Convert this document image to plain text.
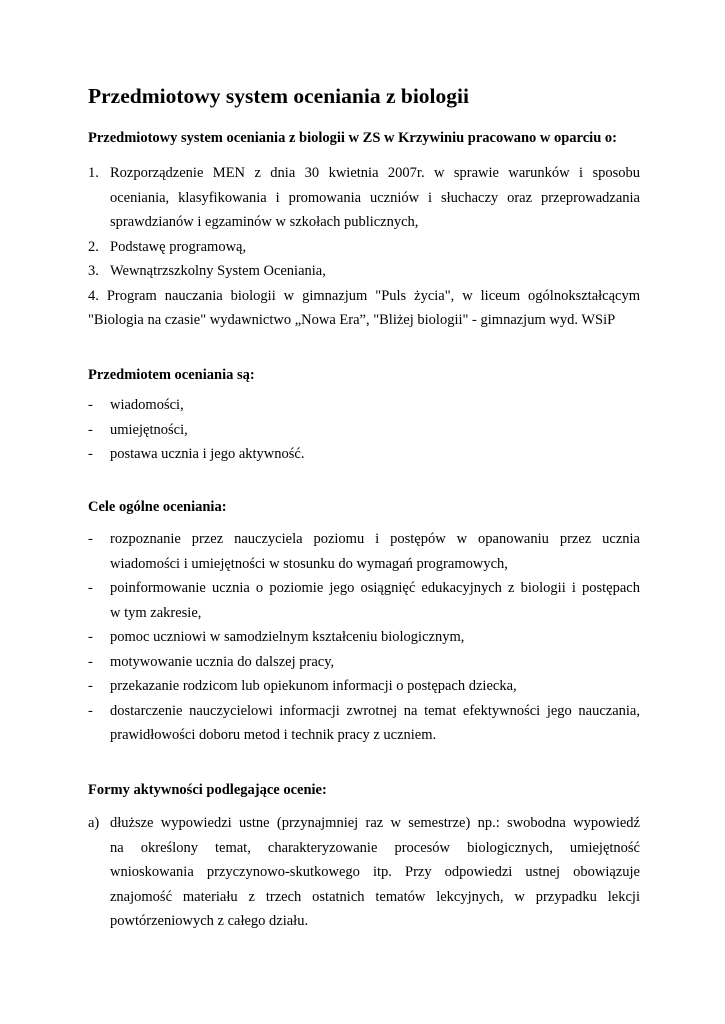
Przedmiotowy system oceniania z biologii

Przedmiotowy system oceniania z biologii w ZS w Krzywiniu pracowano w oparciu o:

1. Rozporządzenie MEN z dnia 30 kwietnia 2007r. w sprawie warunków i sposobu
oceniania, klasyfikowania i promowania uczniów i słuchaczy oraz przeprowadzania
sprawdzianów i egzaminów w szkołach publicznych,
2. Podstawę programową,
3. Wewnątrzszkolny System Oceniania,
4. Program nauczania biologii w gimnazjum "Puls życia", w liceum ogólnokształcącym
"Biologia na czasie" wydawnictwo „Nowa Era”, "Bliżej biologii" - gimnazjum wyd. WSiP

Przedmiotem oceniania są:

- wiadomości,
- umiejętności,
- postawa ucznia i jego aktywność.

Cele ogólne oceniania:

- rozpoznanie przez nauczyciela poziomu i postępów w opanowaniu przez ucznia
wiadomości i umiejętności w stosunku do wymagań programowych,
- poinformowanie ucznia o poziomie jego osiągnięć edukacyjnych z biologii i postępach
w tym zakresie,
- pomoc uczniowi w samodzielnym kształceniu biologicznym,
- motywowanie ucznia do dalszej pracy,
- przekazanie rodzicom lub opiekunom informacji o postępach dziecka,
- dostarczenie nauczycielowi informacji zwrotnej na temat efektywności jego nauczania,
prawidłowości doboru metod i technik pracy z uczniem.

Formy aktywności podlegające ocenie:

a) dłuższe wypowiedzi ustne (przynajmniej raz w semestrze) np.: swobodna wypowiedź
na określony temat, charakteryzowanie procesów biologicznych, umiejętność
wnioskowania przyczynowo-skutkowego itp. Przy odpowiedzi ustnej obowiązuje
znajomość materiału z trzech ostatnich tematów lekcyjnych, w przypadku lekcji
powtórzeniowych z całego działu.
